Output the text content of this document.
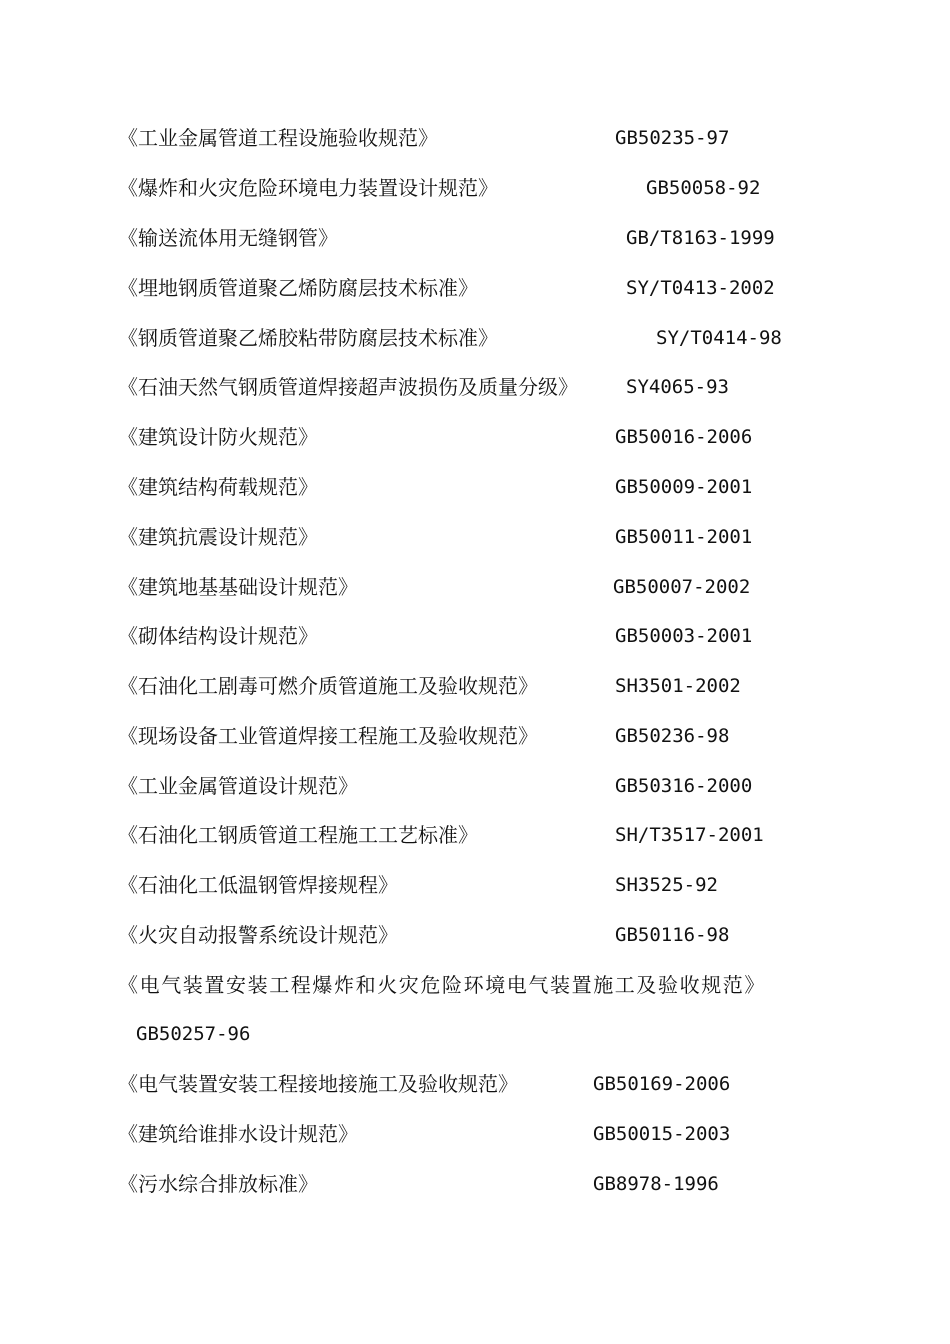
《工业金属管道工程设施验收规范》	GB50235-97
《爆炸和火灾危险环境电力装置设计规范》	GB50058-92
《输送流体用无缝钢管》	GB/T8163-1999
《埋地钢质管道聚乙烯防腐层技术标准》	SY/T0413-2002
《钢质管道聚乙烯胶粘带防腐层技术标准》	SY/T0414-98
《石油天然气钢质管道焊接超声波损伤及质量分级》	SY4065-93
《建筑设计防火规范》	GB50016-2006
《建筑结构荷载规范》	GB50009-2001
《建筑抗震设计规范》	GB50011-2001
《建筑地基基础设计规范》	GB50007-2002
《砌体结构设计规范》	GB50003-2001
《石油化工剧毒可燃介质管道施工及验收规范》	SH3501-2002
《现场设备工业管道焊接工程施工及验收规范》	GB50236-98
《工业金属管道设计规范》	GB50316-2000
《石油化工钢质管道工程施工工艺标准》	SH/T3517-2001
《石油化工低温钢管焊接规程》	SH3525-92
《火灾自动报警系统设计规范》	GB50116-98
《电气装置安装工程爆炸和火灾危险环境电气装置施工及验收规范》
GB50257-96
《电气装置安装工程接地接施工及验收规范》	GB50169-2006
《建筑给谁排水设计规范》	GB50015-2003
《污水综合排放标准》	GB8978-1996
